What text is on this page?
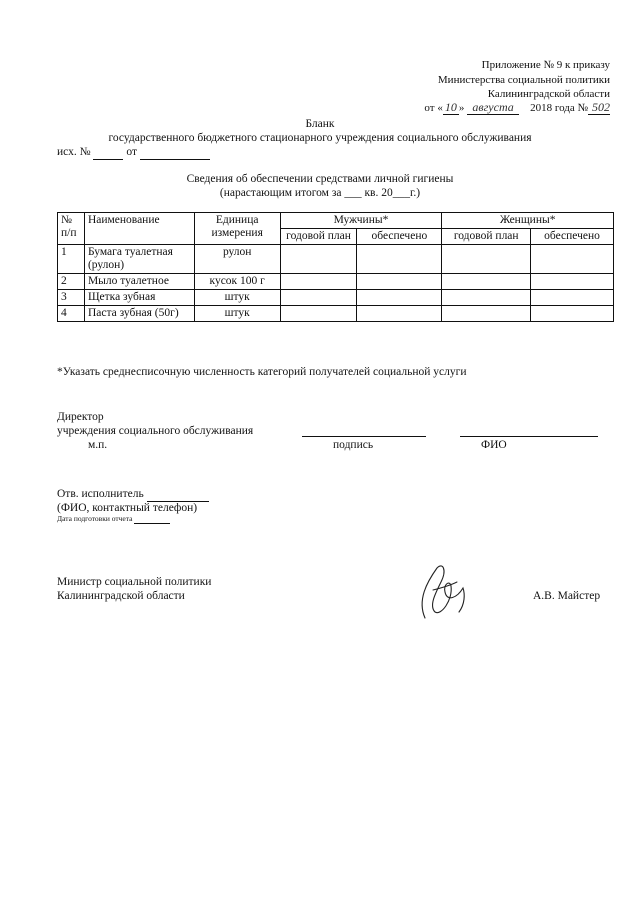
Приложение № 9 к приказу
Министерства социальной политики
Калининградской области
от « 10 » августа 2018 года № 502
Бланк
государственного бюджетного стационарного учреждения социального обслуживания
исх. №	от
Сведения об обеспечении средствами личной гигиены
(нарастающим итогом за ___ кв. 20___г.)
№ п/п	Наименование	Единица измерения	Мужчины*		Женщины*	
			годовой план	обеспечено	годовой план	обеспечено
1	Бумага туалетная (рулон)	рулон				
2	Мыло туалетное	кусок 100 г				
3	Щетка зубная	штук				
4	Паста зубная (50г)	штук				
*Указать среднесписочную численность категорий получателей социальной услуги
Директор
учреждения социального обслуживания
м.п.	подпись	ФИО
Отв. исполнитель
(ФИО, контактный телефон)
Дата подготовки отчета
Министр социальной политики
Калининградской области	А.В. Майстер
